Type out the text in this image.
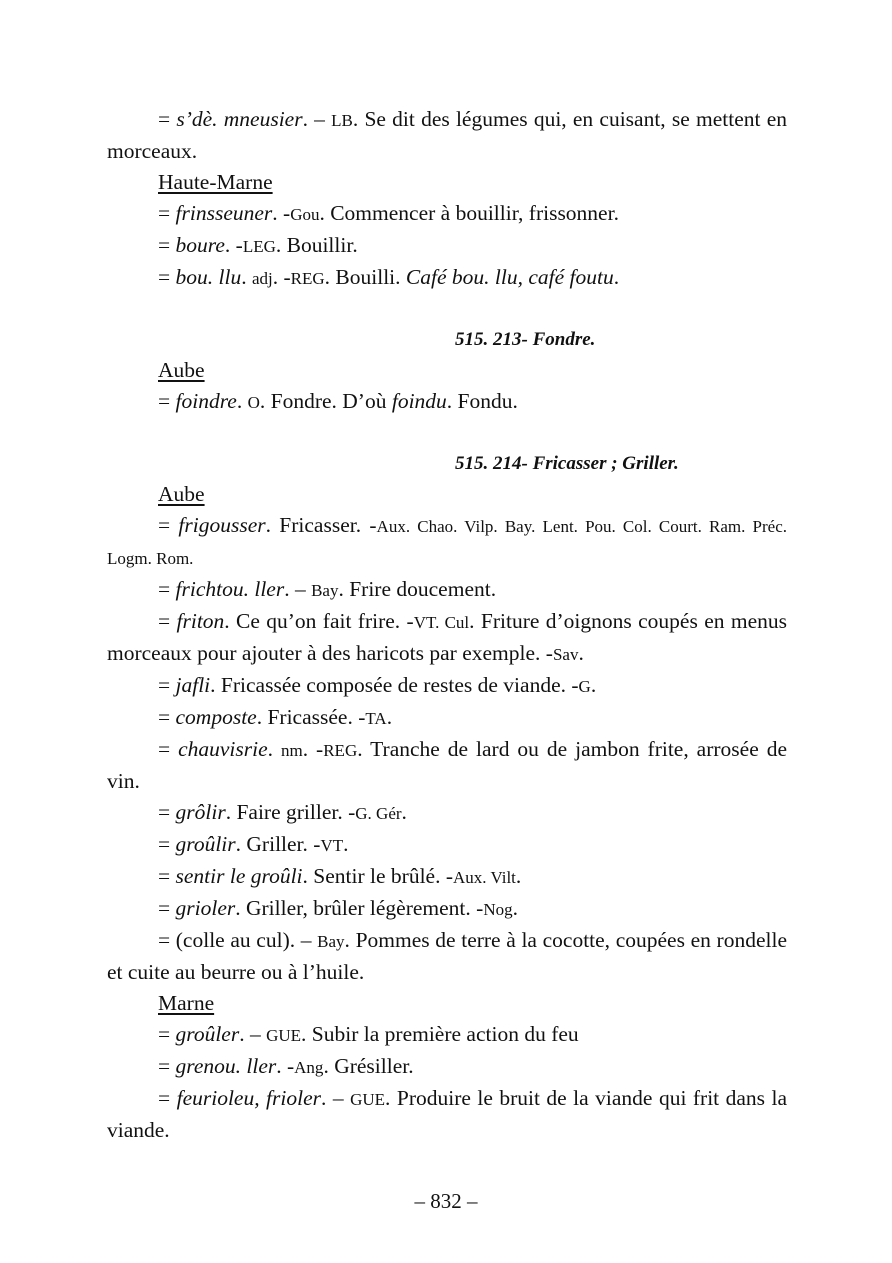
= s’dè. mneusier. – LB. Se dit des légumes qui, en cuisant, se mettent en morceaux.

Haute-Marne

= frinsseuner. -Gou. Commencer à bouillir, frissonner.

= boure. -LEG. Bouillir.

= bou. llu. adj. -REG. Bouilli. Café bou. llu, café foutu.

515. 213- Fondre.
Aube

= foindre. O. Fondre. D’où foindu. Fondu.

515. 214- Fricasser ; Griller.
Aube

= frigousser. Fricasser. -Aux. Chao. Vilp. Bay. Lent. Pou. Col. Court. Ram. Préc. Logm. Rom.

= frichtou. ller. – Bay. Frire doucement.

= friton. Ce qu’on fait frire. -VT. Cul. Friture d’oignons coupés en menus morceaux pour ajouter à des haricots par exemple. -Sav.

= jafli. Fricassée composée de restes de viande. -G.

= composte. Fricassée. -TA.

= chauvisrie. nm. -REG. Tranche de lard ou de jambon frite, arrosée de vin.

= grôlir. Faire griller. -G. Gér.

= groûlir. Griller. -VT.

= sentir le groûli. Sentir le brûlé. -Aux. Vilt.

= grioler. Griller, brûler légèrement. -Nog.

= (colle au cul). – Bay. Pommes de terre à la cocotte, coupées en rondelle et cuite au beurre ou à l’huile.

Marne

= groûler. – GUE. Subir la première action du feu

= grenou. ller. -Ang. Grésiller.

= feurioleu, frioler. – GUE. Produire le bruit de la viande qui frit dans la viande.

– 832 –
